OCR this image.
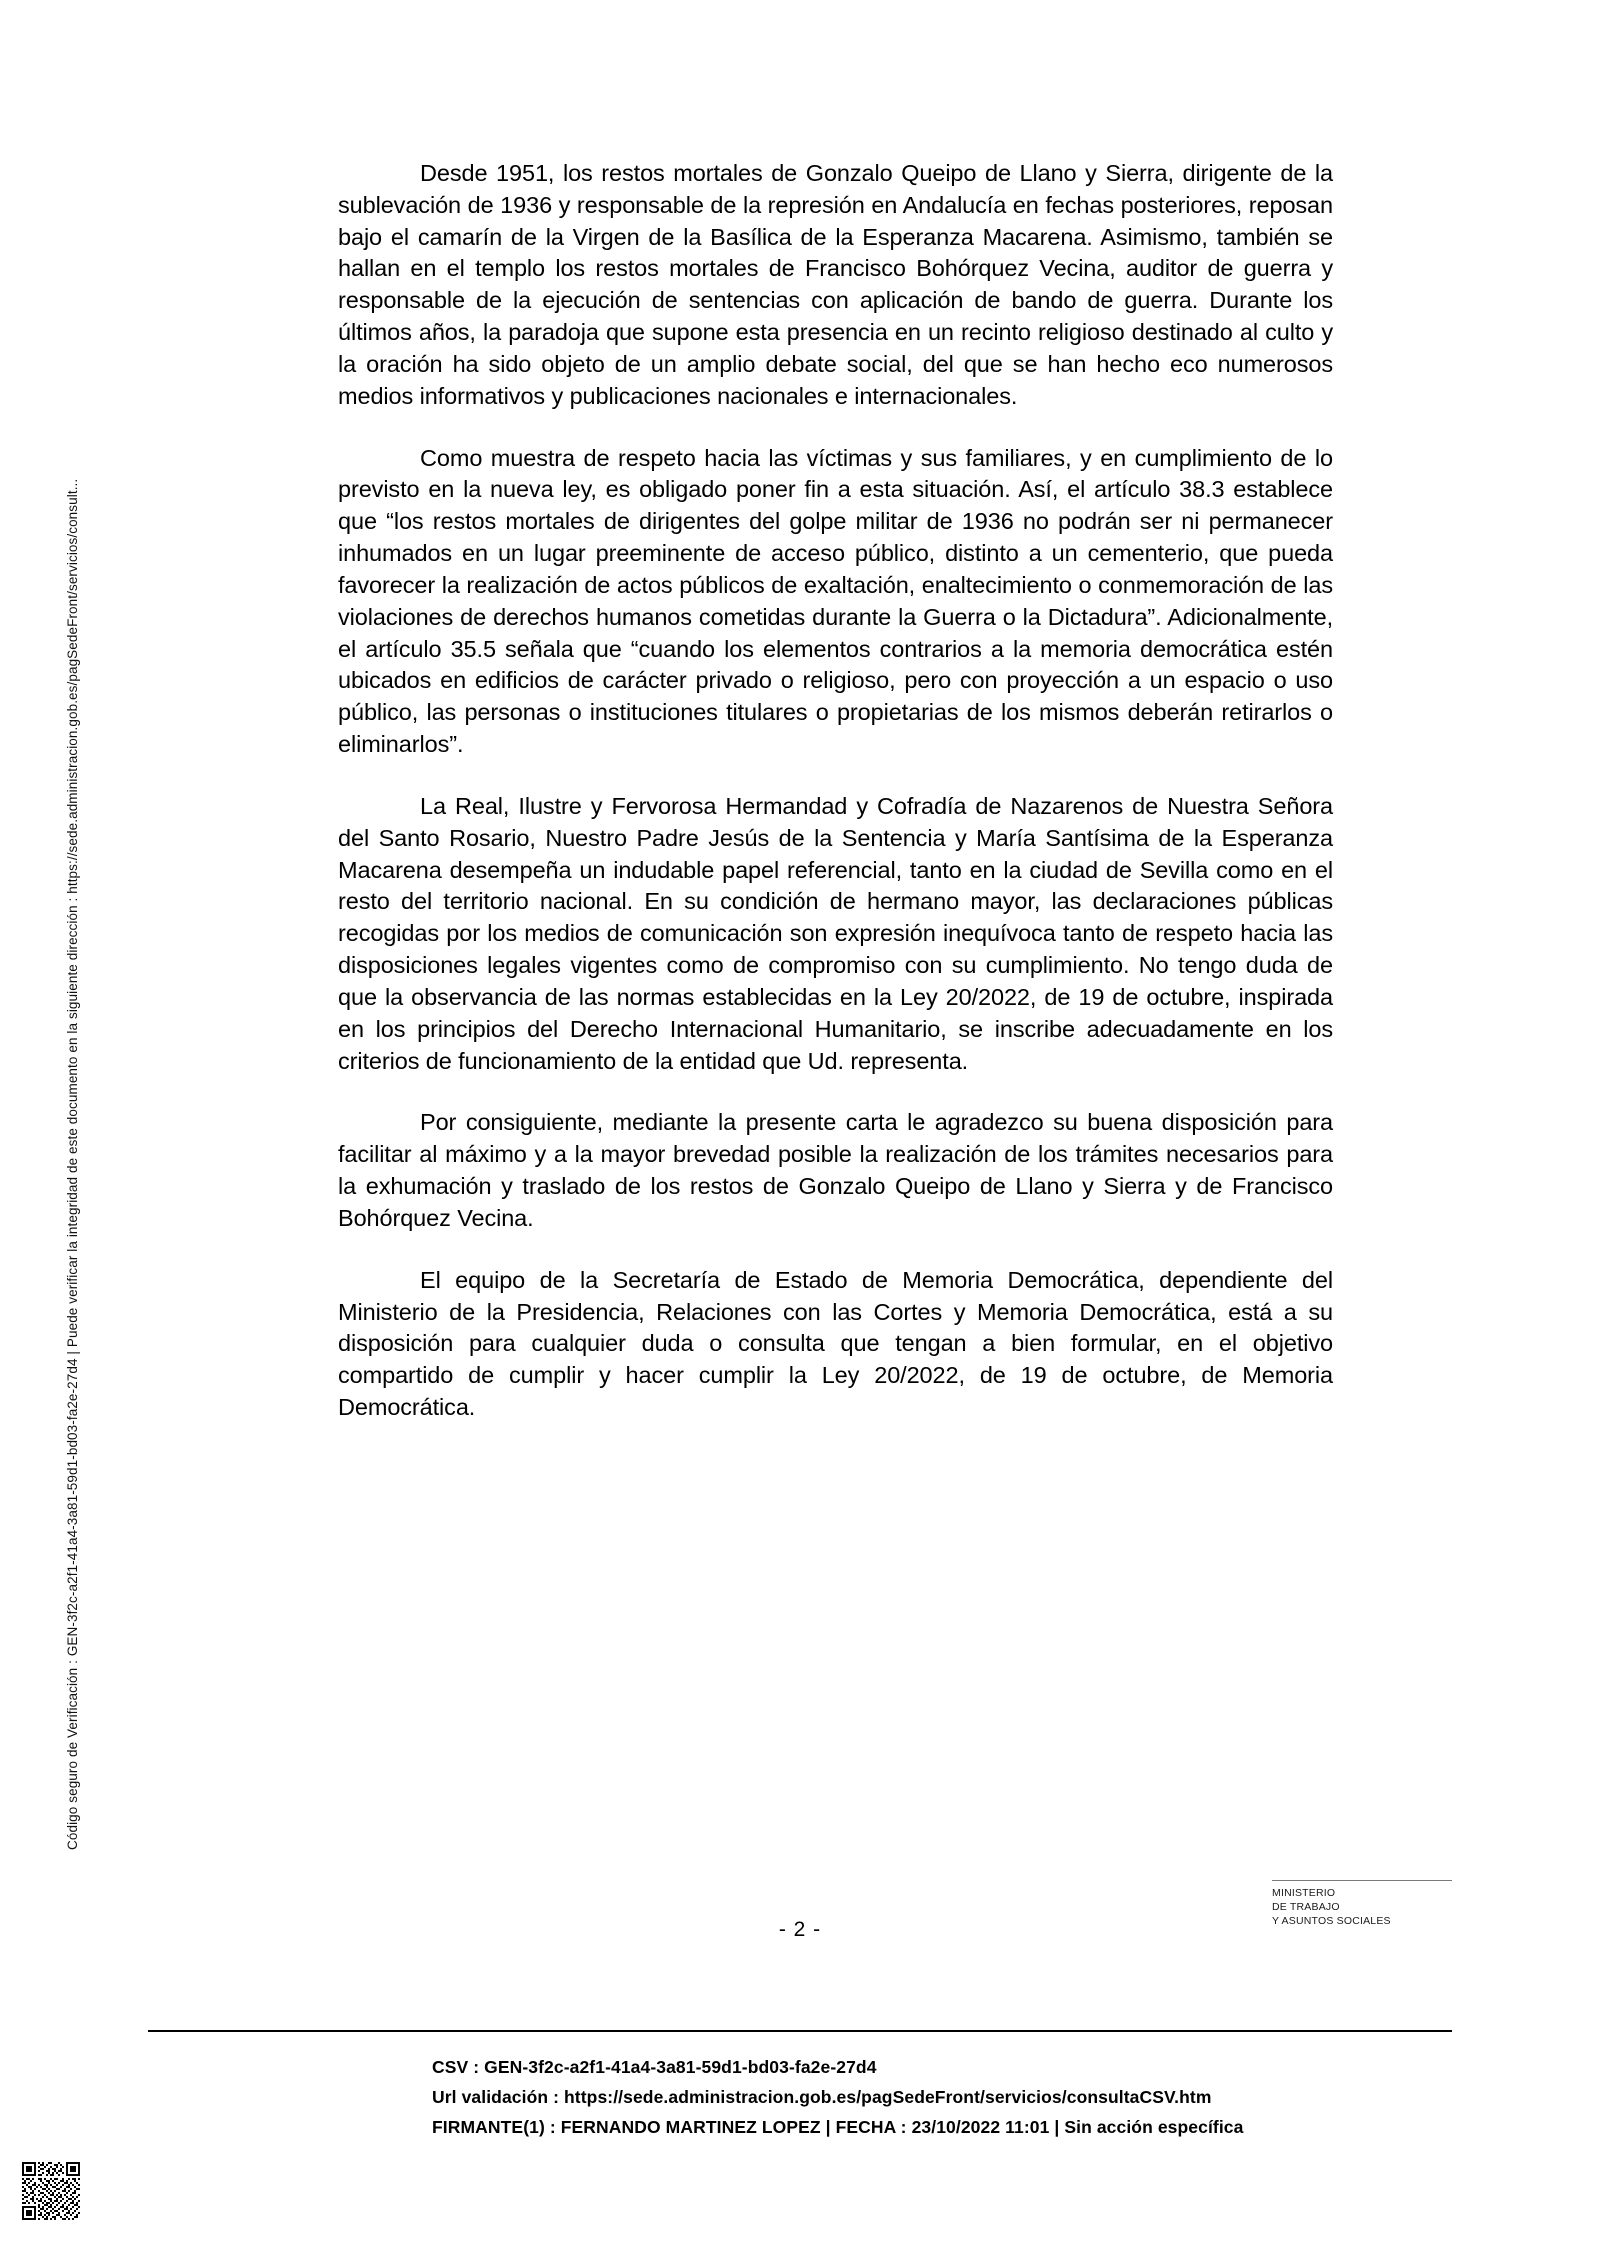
Código seguro de Verificación : GEN-3f2c-a2f1-41a4-3a81-59d1-bd03-fa2e-27d4 | Puede verificar la integridad de este documento en la siguiente dirección : https://sede.administracion.gob.es/pagSedeFront/servicios/consult...

Desde 1951, los restos mortales de Gonzalo Queipo de Llano y Sierra, dirigente de la sublevación de 1936 y responsable de la represión en Andalucía en fechas posteriores, reposan bajo el camarín de la Virgen de la Basílica de la Esperanza Macarena. Asimismo, también se hallan en el templo los restos mortales de Francisco Bohórquez Vecina, auditor de guerra y responsable de la ejecución de sentencias con aplicación de bando de guerra. Durante los últimos años, la paradoja que supone esta presencia en un recinto religioso destinado al culto y la oración ha sido objeto de un amplio debate social, del que se han hecho eco numerosos medios informativos y publicaciones nacionales e internacionales.

Como muestra de respeto hacia las víctimas y sus familiares, y en cumplimiento de lo previsto en la nueva ley, es obligado poner fin a esta situación. Así, el artículo 38.3 establece que “los restos mortales de dirigentes del golpe militar de 1936 no podrán ser ni permanecer inhumados en un lugar preeminente de acceso público, distinto a un cementerio, que pueda favorecer la realización de actos públicos de exaltación, enaltecimiento o conmemoración de las violaciones de derechos humanos cometidas durante la Guerra o la Dictadura”. Adicionalmente, el artículo 35.5 señala que “cuando los elementos contrarios a la memoria democrática estén ubicados en edificios de carácter privado o religioso, pero con proyección a un espacio o uso público, las personas o instituciones titulares o propietarias de los mismos deberán retirarlos o eliminarlos”.

La Real, Ilustre y Fervorosa Hermandad y Cofradía de Nazarenos de Nuestra Señora del Santo Rosario, Nuestro Padre Jesús de la Sentencia y María Santísima de la Esperanza Macarena desempeña un indudable papel referencial, tanto en la ciudad de Sevilla como en el resto del territorio nacional. En su condición de hermano mayor, las declaraciones públicas recogidas por los medios de comunicación son expresión inequívoca tanto de respeto hacia las disposiciones legales vigentes como de compromiso con su cumplimiento. No tengo duda de que la observancia de las normas establecidas en la Ley 20/2022, de 19 de octubre, inspirada en los principios del Derecho Internacional Humanitario, se inscribe adecuadamente en los criterios de funcionamiento de la entidad que Ud. representa.

Por consiguiente, mediante la presente carta le agradezco su buena disposición para facilitar al máximo y a la mayor brevedad posible la realización de los trámites necesarios para la exhumación y traslado de los restos de Gonzalo Queipo de Llano y Sierra y de Francisco Bohórquez Vecina.

El equipo de la Secretaría de Estado de Memoria Democrática, dependiente del Ministerio de la Presidencia, Relaciones con las Cortes y Memoria Democrática, está a su disposición para cualquier duda o consulta que tengan a bien formular, en el objetivo compartido de cumplir y hacer cumplir la Ley 20/2022, de 19 de octubre, de Memoria Democrática.

- 2 -
MINISTERIO
DE TRABAJO
Y ASUNTOS SOCIALES
CSV : GEN-3f2c-a2f1-41a4-3a81-59d1-bd03-fa2e-27d4
Url validación : https://sede.administracion.gob.es/pagSedeFront/servicios/consultaCSV.htm
FIRMANTE(1) : FERNANDO MARTINEZ LOPEZ | FECHA : 23/10/2022 11:01 | Sin acción específica
